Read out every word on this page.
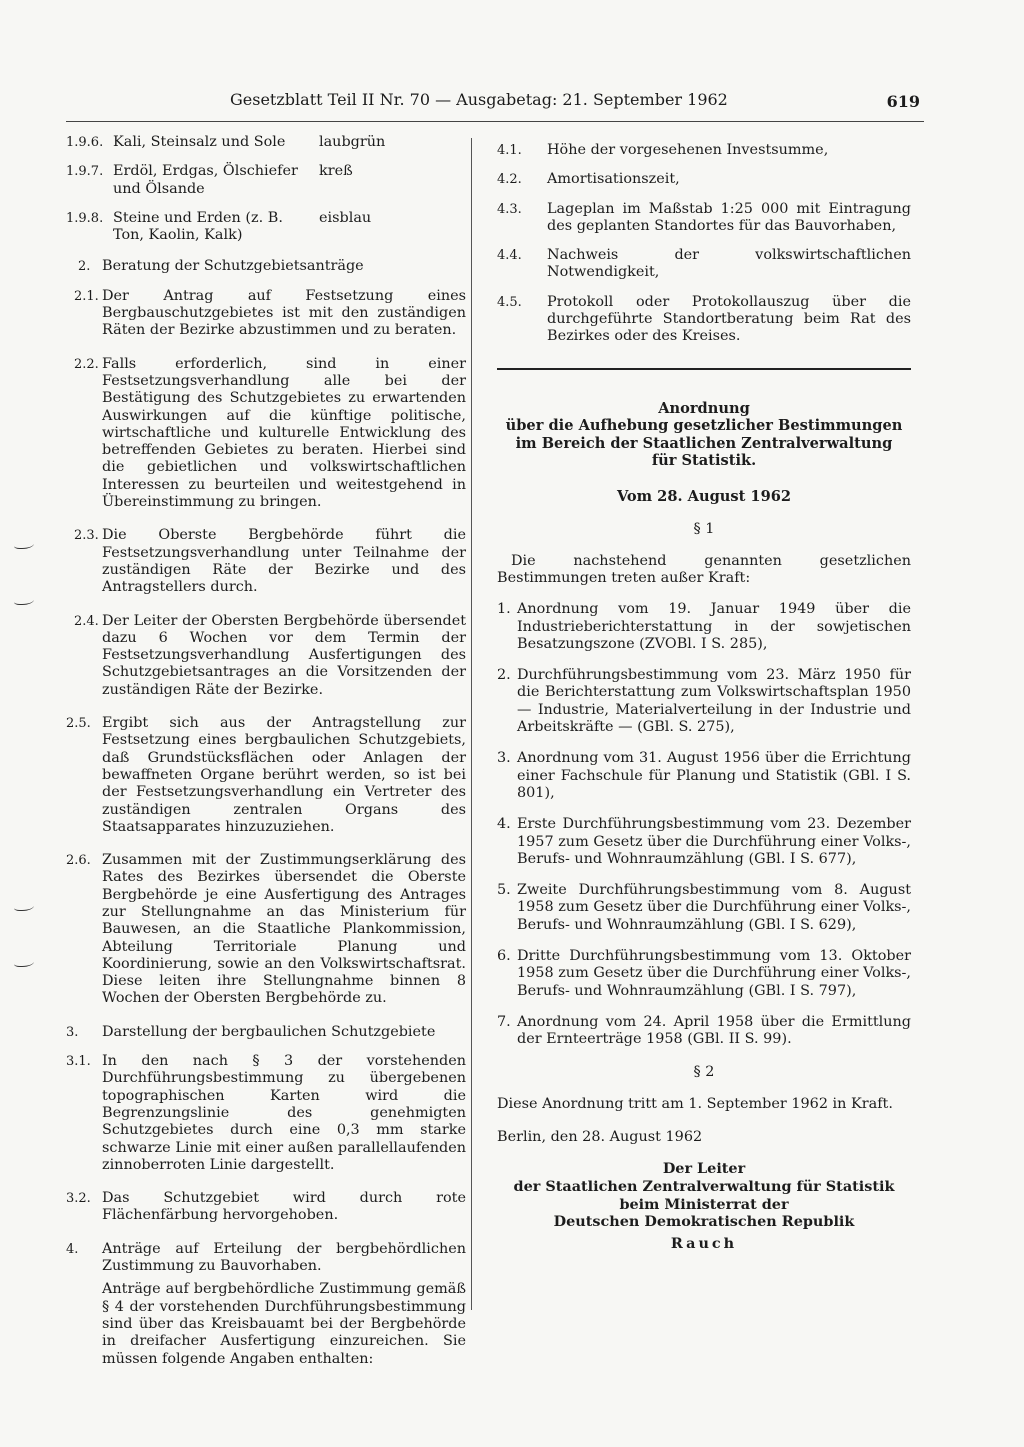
Gesetzblatt Teil II Nr. 70 — Ausgabetag: 21. September 1962	619
1.9.6. Kali, Steinsalz und Sole	laubgrün
1.9.7. Erdöl, Erdgas, Ölschiefer und Ölsande
kreß
1.9.8. Steine und Erden (z. B. Ton, Kaolin, Kalk)
eisblau
2. Beratung der Schutzgebietsanträge
2.1. Der Antrag auf Festsetzung eines Bergbauschutzgebietes ist mit den zuständigen Räten der Bezirke abzustimmen und zu beraten.
2.2. Falls erforderlich, sind in einer Festsetzungsverhandlung alle bei der Bestätigung des Schutzgebietes zu erwartenden Auswirkungen auf die künftige politische, wirtschaftliche und kulturelle Entwicklung des betreffenden Gebietes zu beraten. Hierbei sind die gebietlichen und volkswirtschaftlichen Interessen zu beurteilen und weitestgehend in Übereinstimmung zu bringen.
2.3. Die Oberste Bergbehörde führt die Festsetzungsverhandlung unter Teilnahme der zuständigen Räte der Bezirke und des Antragstellers durch.
2.4. Der Leiter der Obersten Bergbehörde übersendet dazu 6 Wochen vor dem Termin der Festsetzungsverhandlung Ausfertigungen des Schutzgebietsantrages an die Vorsitzenden der zuständigen Räte der Bezirke.
2.5. Ergibt sich aus der Antragstellung zur Festsetzung eines bergbaulichen Schutzgebiets, daß Grundstücksflächen oder Anlagen der bewaffneten Organe berührt werden, so ist bei der Festsetzungsverhandlung ein Vertreter des zuständigen zentralen Organs des Staatsapparates hinzuzuziehen.
2.6. Zusammen mit der Zustimmungserklärung des Rates des Bezirkes übersendet die Oberste Bergbehörde je eine Ausfertigung des Antrages zur Stellungnahme an das Ministerium für Bauwesen, an die Staatliche Plankommission, Abteilung Territoriale Planung und Koordinierung, sowie an den Volkswirtschaftsrat. Diese leiten ihre Stellungnahme binnen 8 Wochen der Obersten Bergbehörde zu.
3. Darstellung der bergbaulichen Schutzgebiete
3.1. In den nach § 3 der vorstehenden Durchführungsbestimmung zu übergebenen topographischen Karten wird die Begrenzungslinie des genehmigten Schutzgebietes durch eine 0,3 mm starke schwarze Linie mit einer außen parallellaufenden zinnoberroten Linie dargestellt.
3.2. Das Schutzgebiet wird durch rote Flächenfärbung hervorgehoben.
4. Anträge auf Erteilung der bergbehördlichen Zustimmung zu Bauvorhaben.
Anträge auf bergbehördliche Zustimmung gemäß § 4 der vorstehenden Durchführungsbestimmung sind über das Kreisbauamt bei der Bergbehörde in dreifacher Ausfertigung einzureichen. Sie müssen folgende Angaben enthalten:
4.1. Höhe der vorgesehenen Investsumme,
4.2. Amortisationszeit,
4.3. Lageplan im Maßstab 1:25 000 mit Eintragung des geplanten Standortes für das Bauvorhaben,
4.4. Nachweis der volkswirtschaftlichen Notwendigkeit,
4.5. Protokoll oder Protokollauszug über die durchgeführte Standortberatung beim Rat des Bezirkes oder des Kreises.
Anordnung
über die Aufhebung gesetzlicher Bestimmungen
im Bereich der Staatlichen Zentralverwaltung
für Statistik.
Vom 28. August 1962
§ 1
Die nachstehend genannten gesetzlichen Bestimmungen treten außer Kraft:
1. Anordnung vom 19. Januar 1949 über die Industrieberichterstattung in der sowjetischen Besatzungszone (ZVOBl. I S. 285),
2. Durchführungsbestimmung vom 23. März 1950 für die Berichterstattung zum Volkswirtschaftsplan 1950 — Industrie, Materialverteilung in der Industrie und Arbeitskräfte — (GBl. S. 275),
3. Anordnung vom 31. August 1956 über die Errichtung einer Fachschule für Planung und Statistik (GBl. I S. 801),
4. Erste Durchführungsbestimmung vom 23. Dezember 1957 zum Gesetz über die Durchführung einer Volks-, Berufs- und Wohnraumzählung (GBl. I S. 677),
5. Zweite Durchführungsbestimmung vom 8. August 1958 zum Gesetz über die Durchführung einer Volks-, Berufs- und Wohnraumzählung (GBl. I S. 629),
6. Dritte Durchführungsbestimmung vom 13. Oktober 1958 zum Gesetz über die Durchführung einer Volks-, Berufs- und Wohnraumzählung (GBl. I S. 797),
7. Anordnung vom 24. April 1958 über die Ermittlung der Ernteerträge 1958 (GBl. II S. 99).
§ 2
Diese Anordnung tritt am 1. September 1962 in Kraft.
Berlin, den 28. August 1962
Der Leiter
der Staatlichen Zentralverwaltung für Statistik
beim Ministerrat der
Deutschen Demokratischen Republik
Rauch
